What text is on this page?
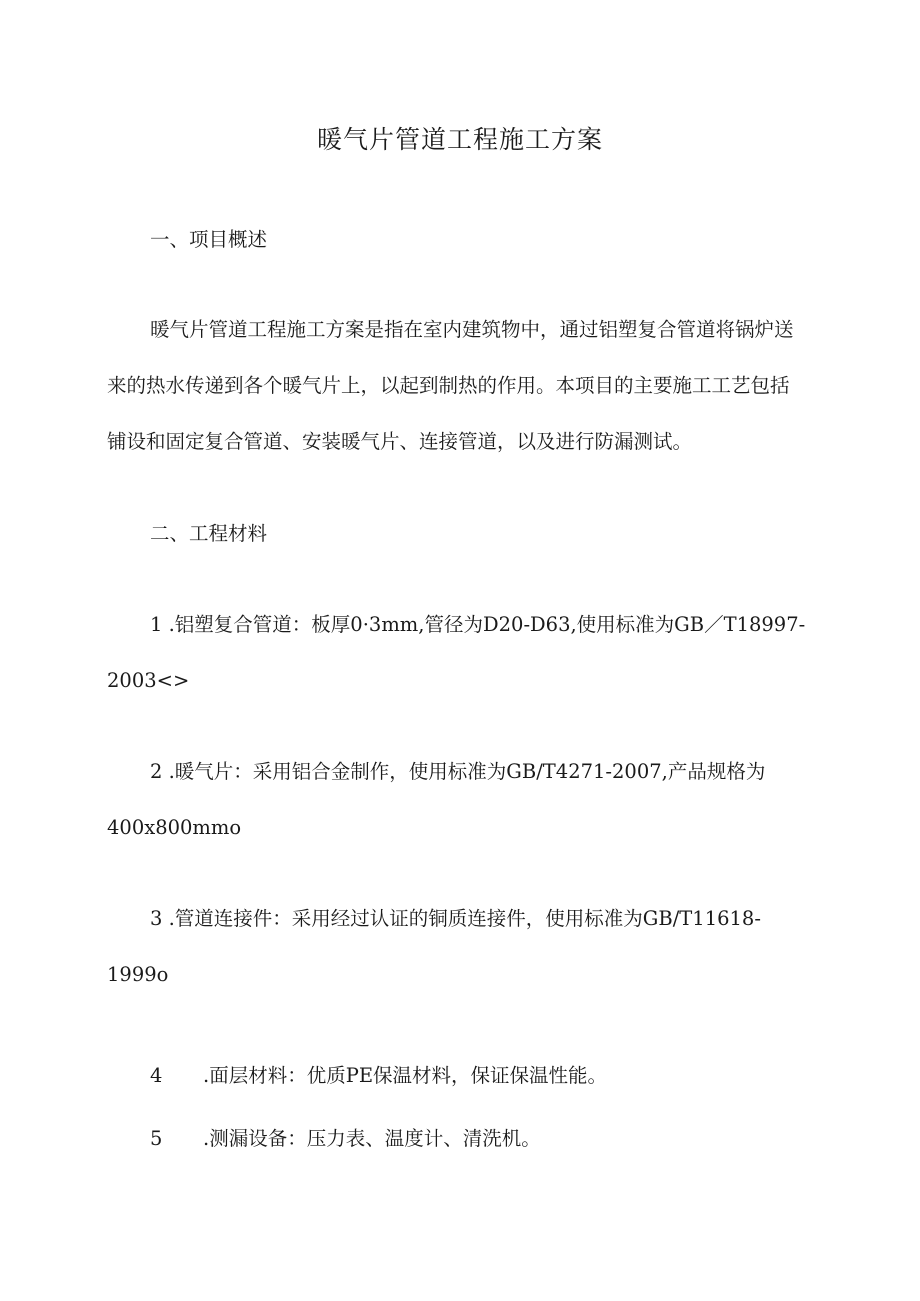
暖气片管道工程施工方案
一、项目概述
暖气片管道工程施工方案是指在室内建筑物中，通过铝塑复合管道将锅炉送
来的热水传递到各个暖气片上，以起到制热的作用。本项目的主要施工工艺包括
铺设和固定复合管道、安装暖气片、连接管道，以及进行防漏测试。
二、工程材料
1 .铝塑复合管道：板厚0·3mm,管径为D20-D63,使用标准为GB／T18997-
2003<>
2 .暖气片：采用铝合金制作，使用标准为GB/T4271-2007,产品规格为
400x800mmo
3 .管道连接件：采用经过认证的铜质连接件，使用标准为GB/T11618-
1999o
4 .面层材料：优质PE保温材料，保证保温性能。
5 .测漏设备：压力表、温度计、清洗机。
